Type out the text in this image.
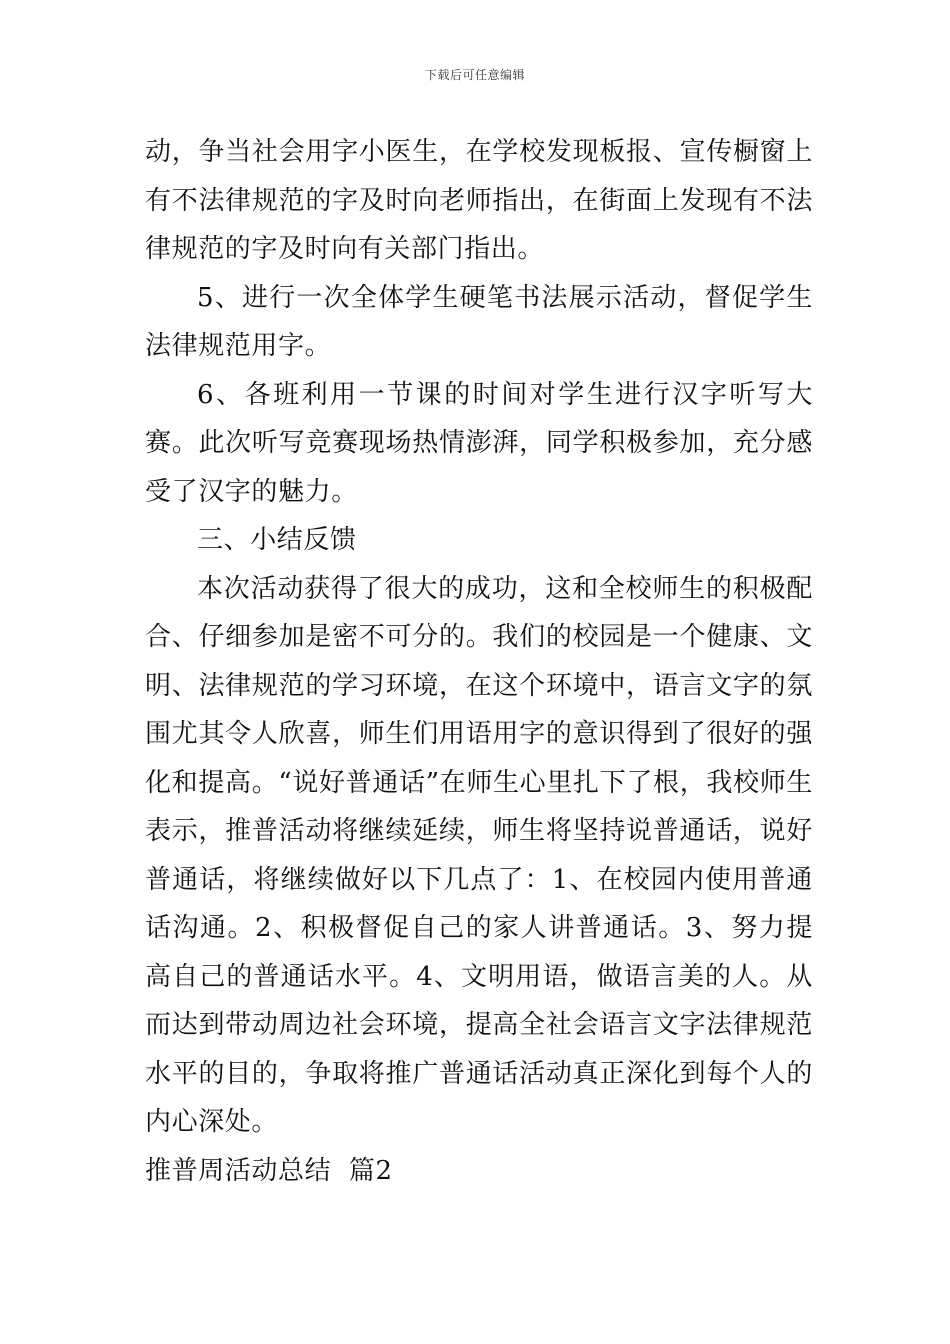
下载后可任意编辑

动，争当社会用字小医生，在学校发现板报、宣传橱窗上有不法律规范的字及时向老师指出，在街面上发现有不法律规范的字及时向有关部门指出。

5、进行一次全体学生硬笔书法展示活动，督促学生法律规范用字。

6、各班利用一节课的时间对学生进行汉字听写大赛。此次听写竞赛现场热情澎湃，同学积极参加，充分感受了汉字的魅力。

三、小结反馈

本次活动获得了很大的成功，这和全校师生的积极配合、仔细参加是密不可分的。我们的校园是一个健康、文明、法律规范的学习环境，在这个环境中，语言文字的氛围尤其令人欣喜，师生们用语用字的意识得到了很好的强化和提高。“说好普通话”在师生心里扎下了根，我校师生表示，推普活动将继续延续，师生将坚持说普通话，说好普通话，将继续做好以下几点了：1、在校园内使用普通话沟通。2、积极督促自己的家人讲普通话。3、努力提高自己的普通话水平。4、文明用语，做语言美的人。从而达到带动周边社会环境，提高全社会语言文字法律规范水平的目的，争取将推广普通话活动真正深化到每个人的内心深处。

推普周活动总结  篇2
